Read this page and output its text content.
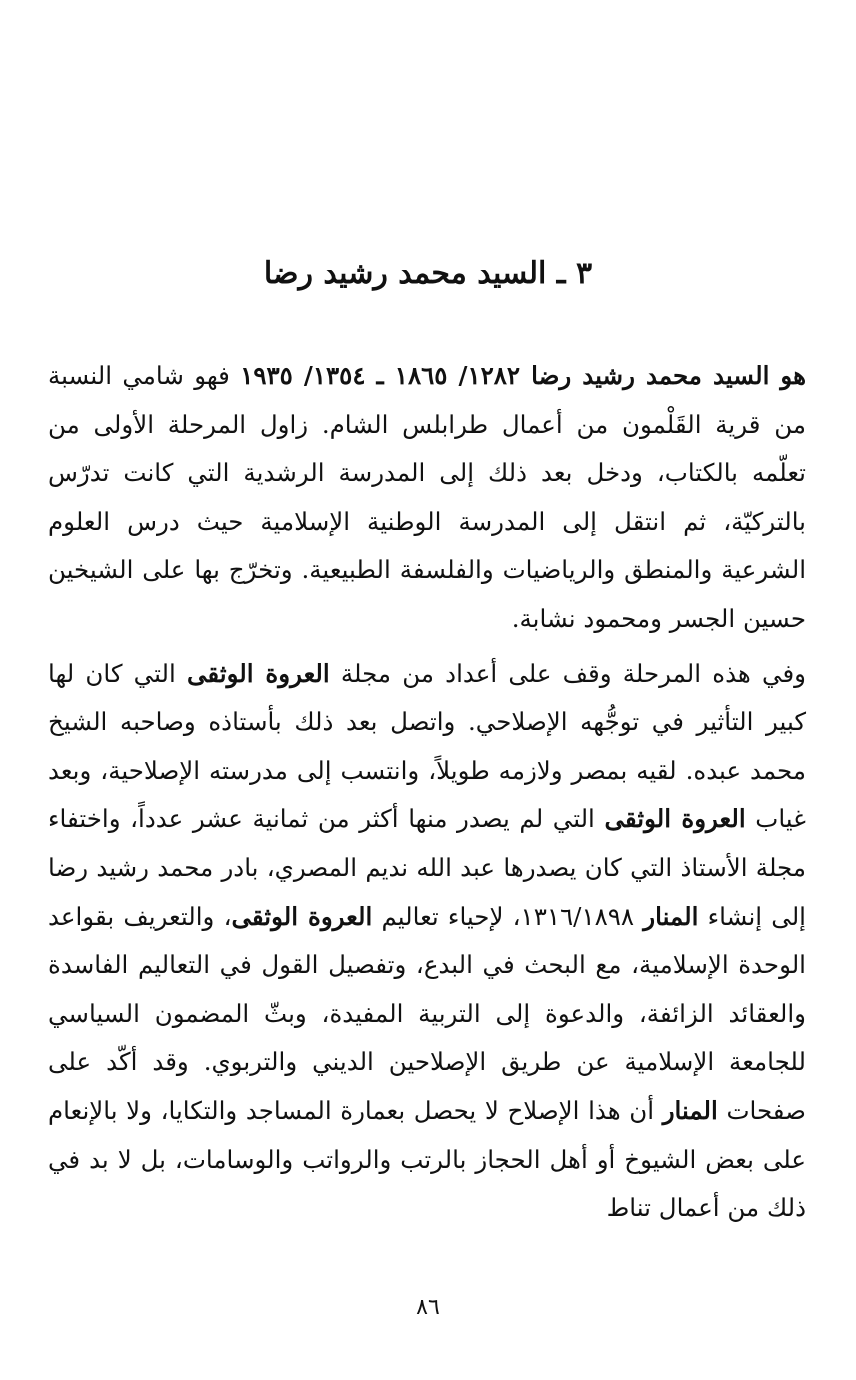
٣ ـ السيد محمد رشيد رضا

هو السيد محمد رشيد رضا ١٢٨٢/ ١٨٦٥ ـ ١٣٥٤/ ١٩٣٥ فهو شامي النسبة من قرية القَلْمون من أعمال طرابلس الشام. زاول المرحلة الأولى من تعلّمه بالكتاب، ودخل بعد ذلك إلى المدرسة الرشدية التي كانت تدرّس بالتركيّة، ثم انتقل إلى المدرسة الوطنية الإسلامية حيث درس العلوم الشرعية والمنطق والرياضيات والفلسفة الطبيعية. وتخرّج بها على الشيخين حسين الجسر ومحمود نشابة.

وفي هذه المرحلة وقف على أعداد من مجلة العروة الوثقى التي كان لها كبير التأثير في توجُّهه الإصلاحي. واتصل بعد ذلك بأستاذه وصاحبه الشيخ محمد عبده. لقيه بمصر ولازمه طويلاً، وانتسب إلى مدرسته الإصلاحية، وبعد غياب العروة الوثقى التي لم يصدر منها أكثر من ثمانية عشر عدداً، واختفاء مجلة الأستاذ التي كان يصدرها عبد الله نديم المصري، بادر محمد رشيد رضا إلى إنشاء المنار ١٣١٦/١٨٩٨، لإحياء تعاليم العروة الوثقى، والتعريف بقواعد الوحدة الإسلامية، مع البحث في البدع، وتفصيل القول في التعاليم الفاسدة والعقائد الزائفة، والدعوة إلى التربية المفيدة، وبثّ المضمون السياسي للجامعة الإسلامية عن طريق الإصلاحين الديني والتربوي. وقد أكّد على صفحات المنار أن هذا الإصلاح لا يحصل بعمارة المساجد والتكايا، ولا بالإنعام على بعض الشيوخ أو أهل الحجاز بالرتب والرواتب والوسامات، بل لا بد في ذلك من أعمال تناط

٨٦
